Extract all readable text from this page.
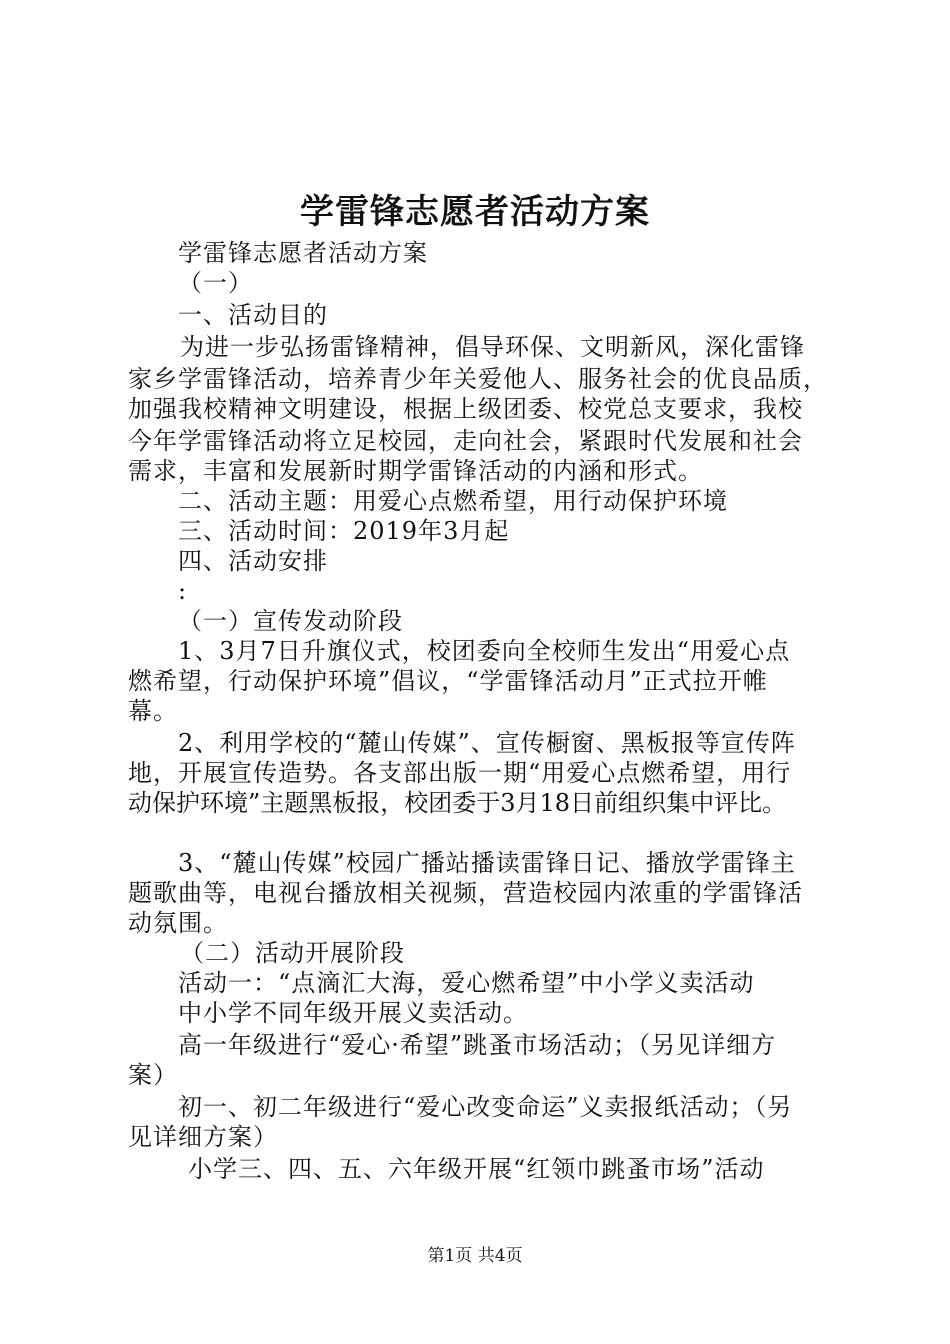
学雷锋志愿者活动方案
学雷锋志愿者活动方案
（一）
一、活动目的
为进一步弘扬雷锋精神，倡导环保、文明新风，深化雷锋
家乡学雷锋活动，培养青少年关爱他人、服务社会的优良品质，
加强我校精神文明建设，根据上级团委、校党总支要求，我校
今年学雷锋活动将立足校园，走向社会，紧跟时代发展和社会
需求，丰富和发展新时期学雷锋活动的内涵和形式。
二、活动主题：用爱心点燃希望，用行动保护环境
三、活动时间：2019年3月起
四、活动安排
:
（一）宣传发动阶段
1、3月7日升旗仪式，校团委向全校师生发出“用爱心点
燃希望，行动保护环境”倡议，“学雷锋活动月”正式拉开帷
幕。
2、利用学校的“麓山传媒”、宣传橱窗、黑板报等宣传阵
地，开展宣传造势。各支部出版一期“用爱心点燃希望，用行
动保护环境”主题黑板报，校团委于3月18日前组织集中评比。
3、“麓山传媒”校园广播站播读雷锋日记、播放学雷锋主
题歌曲等，电视台播放相关视频，营造校园内浓重的学雷锋活
动氛围。
（二）活动开展阶段
活动一：“点滴汇大海，爱心燃希望”中小学义卖活动
中小学不同年级开展义卖活动。
高一年级进行“爱心·希望”跳蚤市场活动；（另见详细方
案）
初一、初二年级进行“爱心改变命运”义卖报纸活动；（另
见详细方案）
小学三、四、五、六年级开展“红领巾跳蚤市场”活动
第1页 共4页
